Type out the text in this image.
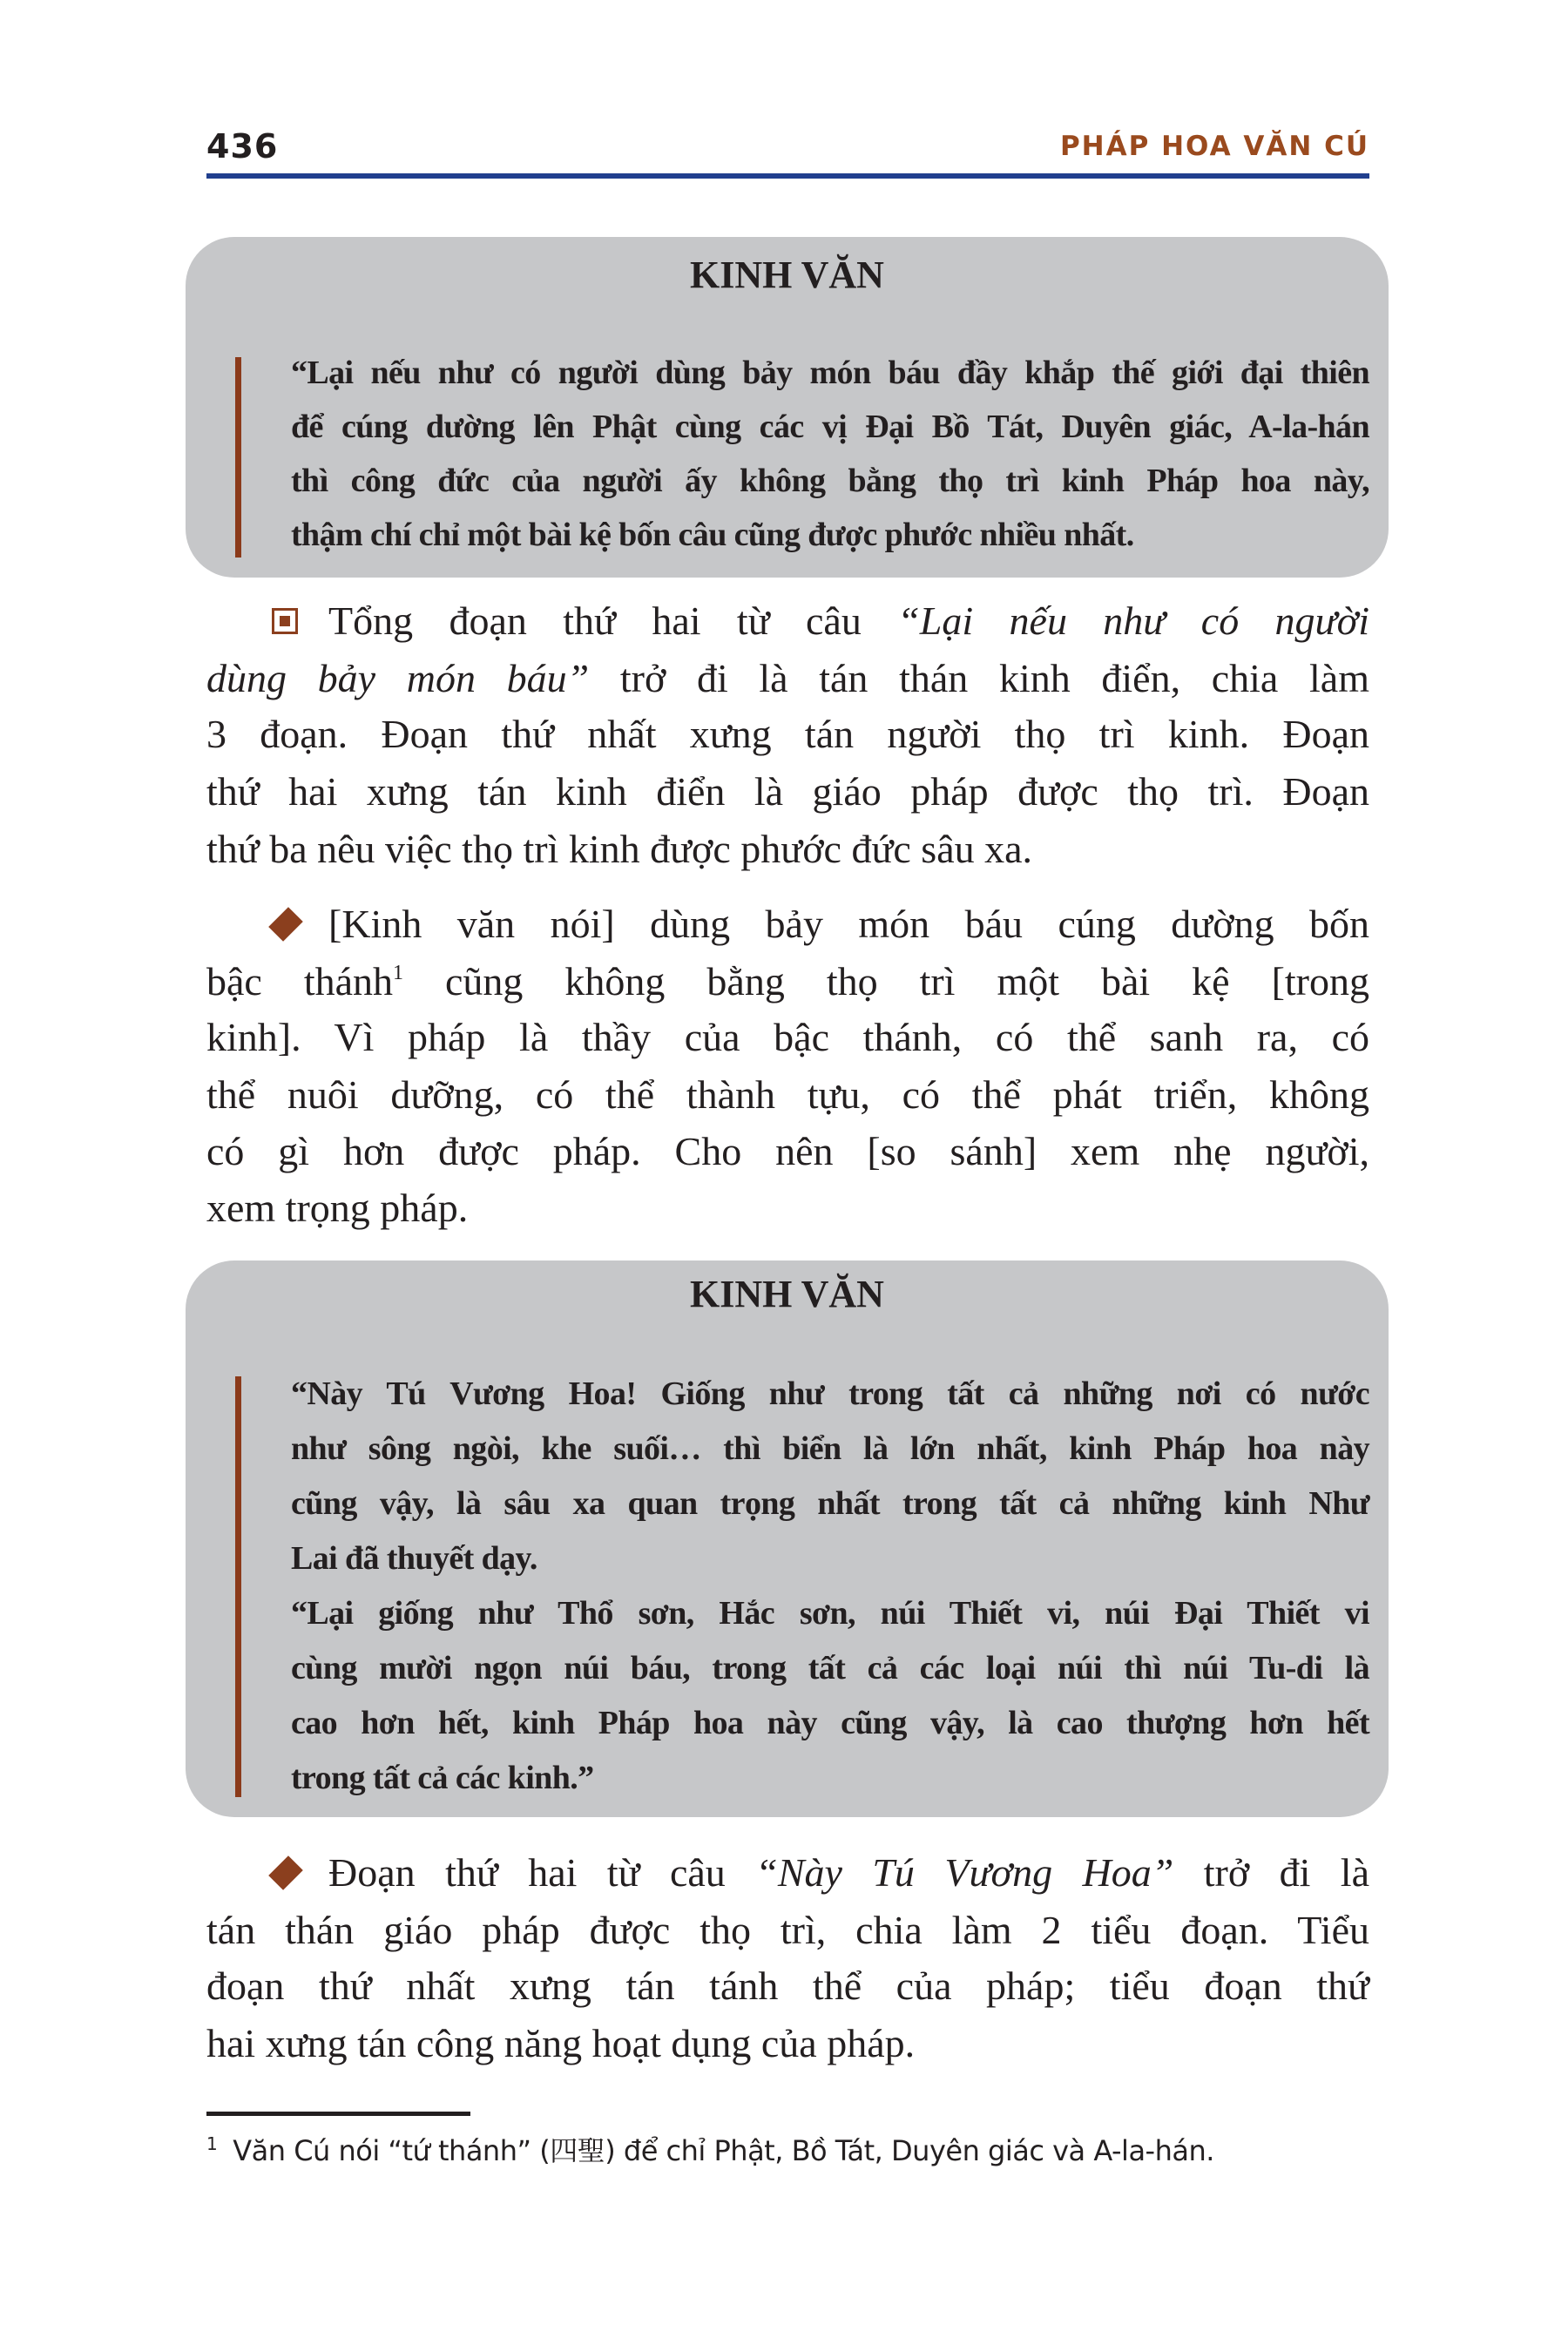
436	PHÁP HOA VĂN CÚ
KINH VĂN
“Lại nếu như có người dùng bảy món báu đầy khắp thế giới đại thiên
để cúng dường lên Phật cùng các vị Đại Bồ Tát, Duyên giác, A-la-hán
thì công đức của người ấy không bằng thọ trì kinh Pháp hoa này,
thậm chí chỉ một bài kệ bốn câu cũng được phước nhiều nhất.
Tổng đoạn thứ hai từ câu “Lại nếu như có người
dùng bảy món báu” trở đi là tán thán kinh điển, chia làm
3 đoạn. Đoạn thứ nhất xưng tán người thọ trì kinh. Đoạn
thứ hai xưng tán kinh điển là giáo pháp được thọ trì. Đoạn
thứ ba nêu việc thọ trì kinh được phước đức sâu xa.
[Kinh văn nói] dùng bảy món báu cúng dường bốn
bậc thánh$^1$ cũng không bằng thọ trì một bài kệ [trong
kinh]. Vì pháp là thầy của bậc thánh, có thể sanh ra, có
thể nuôi dưỡng, có thể thành tựu, có thể phát triển, không
có gì hơn được pháp. Cho nên [so sánh] xem nhẹ người,
xem trọng pháp.
KINH VĂN
“Này Tú Vương Hoa! Giống như trong tất cả những nơi có nước
như sông ngòi, khe suối… thì biển là lớn nhất, kinh Pháp hoa này
cũng vậy, là sâu xa quan trọng nhất trong tất cả những kinh Như
Lai đã thuyết dạy.
“Lại giống như Thổ sơn, Hắc sơn, núi Thiết vi, núi Đại Thiết vi
cùng mười ngọn núi báu, trong tất cả các loại núi thì núi Tu-di là
cao hơn hết, kinh Pháp hoa này cũng vậy, là cao thượng hơn hết
trong tất cả các kinh.”
Đoạn thứ hai từ câu “Này Tú Vương Hoa” trở đi là
tán thán giáo pháp được thọ trì, chia làm 2 tiểu đoạn. Tiểu
đoạn thứ nhất xưng tán tánh thể của pháp; tiểu đoạn thứ
hai xưng tán công năng hoạt dụng của pháp.
$^1$ Văn Cú nói “tứ thánh” (四聖) để chỉ Phật, Bồ Tát, Duyên giác và A-la-hán.
